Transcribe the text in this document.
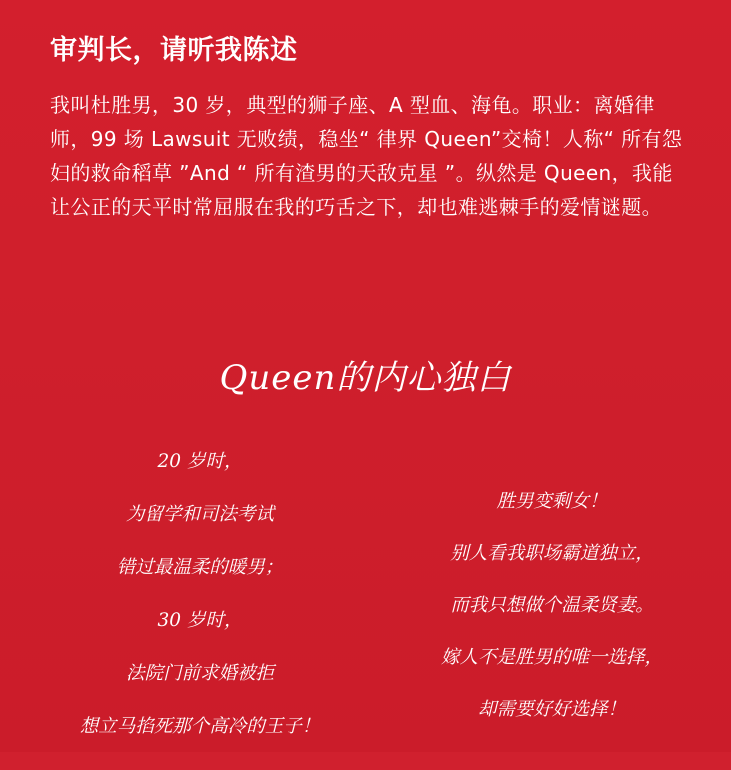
审判长，请听我陈述
我叫杜胜男，30 岁，典型的狮子座、A 型血、海龟。职业：离婚律师，99 场 Lawsuit 无败绩，稳坐“ 律界 Queen”交椅！人称“ 所有怨妇的救命稻草 ”And “ 所有渣男的天敌克星 ”。纵然是 Queen，我能让公正的天平时常屈服在我的巧舌之下，却也难逃棘手的爱情谜题。
Queen的内心独白
20 岁时，
为留学和司法考试
错过最温柔的暖男；
30 岁时，
法院门前求婚被拒
想立马掐死那个高冷的王子！
胜男变剩女！
别人看我职场霸道独立，
而我只想做个温柔贤妻。
嫁人不是胜男的唯一选择，
却需要好好选择！
